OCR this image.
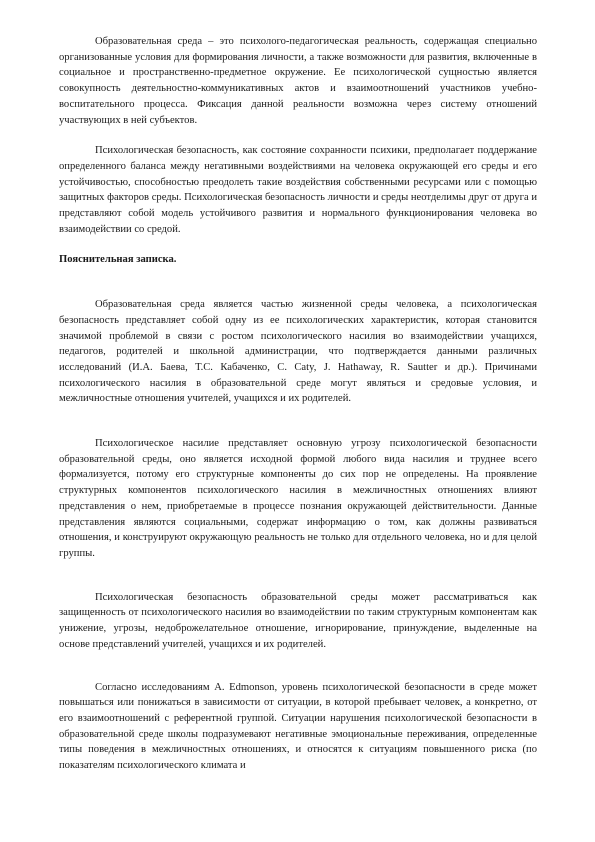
Образовательная среда – это психолого-педагогическая реальность, содержащая специально организованные условия для формирования личности, а также возможности для развития, включенные в социальное и пространственно-предметное окружение. Ее психологической сущностью является совокупность деятельностно-коммуникативных актов и взаимоотношений участников учебно-воспитательного процесса. Фиксация данной реальности возможна через систему отношений участвующих в ней субъектов.

Психологическая безопасность, как состояние сохранности психики, предполагает поддержание определенного баланса между негативными воздействиями на человека окружающей его среды и его устойчивостью, способностью преодолеть такие воздействия собственными ресурсами или с помощью защитных факторов среды. Психологическая безопасность личности и среды неотделимы друг от друга и представляют собой модель устойчивого развития и нормального функционирования человека во взаимодействии со средой.

Пояснительная записка.

Образовательная среда является частью жизненной среды человека, а психологическая безопасность представляет собой одну из ее психологических характеристик, которая становится значимой проблемой в связи с ростом психологического насилия во взаимодействии учащихся, педагогов, родителей и школьной администрации, что подтверждается данными различных исследований (И.А. Баева, Т.С. Кабаченко, С. Саty, J. Hathaway, R. Sautter и др.). Причинами психологического насилия в образовательной среде могут являться и средовые условия, и межличностные отношения учителей, учащихся и их родителей.

Психологическое насилие представляет основную угрозу психологической безопасности образовательной среды, оно является исходной формой любого вида насилия и труднее всего формализуется, потому его структурные компоненты до сих пор не определены. На проявление структурных компонентов психологического насилия в межличностных отношениях влияют представления о нем, приобретаемые в процессе познания окружающей действительности. Данные представления являются социальными, содержат информацию о том, как должны развиваться отношения, и конструируют окружающую реальность не только для отдельного человека, но и для целой группы.

Психологическая безопасность образовательной среды может рассматриваться как защищенность от психологического насилия во взаимодействии по таким структурным компонентам как унижение, угрозы, недоброжелательное отношение, игнорирование, принуждение, выделенные на основе представлений учителей, учащихся и их родителей.

Согласно исследованиям А. Edmonson, уровень психологической безопасности в среде может повышаться или понижаться в зависимости от ситуации, в которой пребывает человек, а конкретно, от его взаимоотношений с референтной группой. Ситуации нарушения психологической безопасности в образовательной среде школы подразумевают негативные эмоциональные переживания, определенные типы поведения в межличностных отношениях, и относятся к ситуациям повышенного риска (по показателям психологического климата и
